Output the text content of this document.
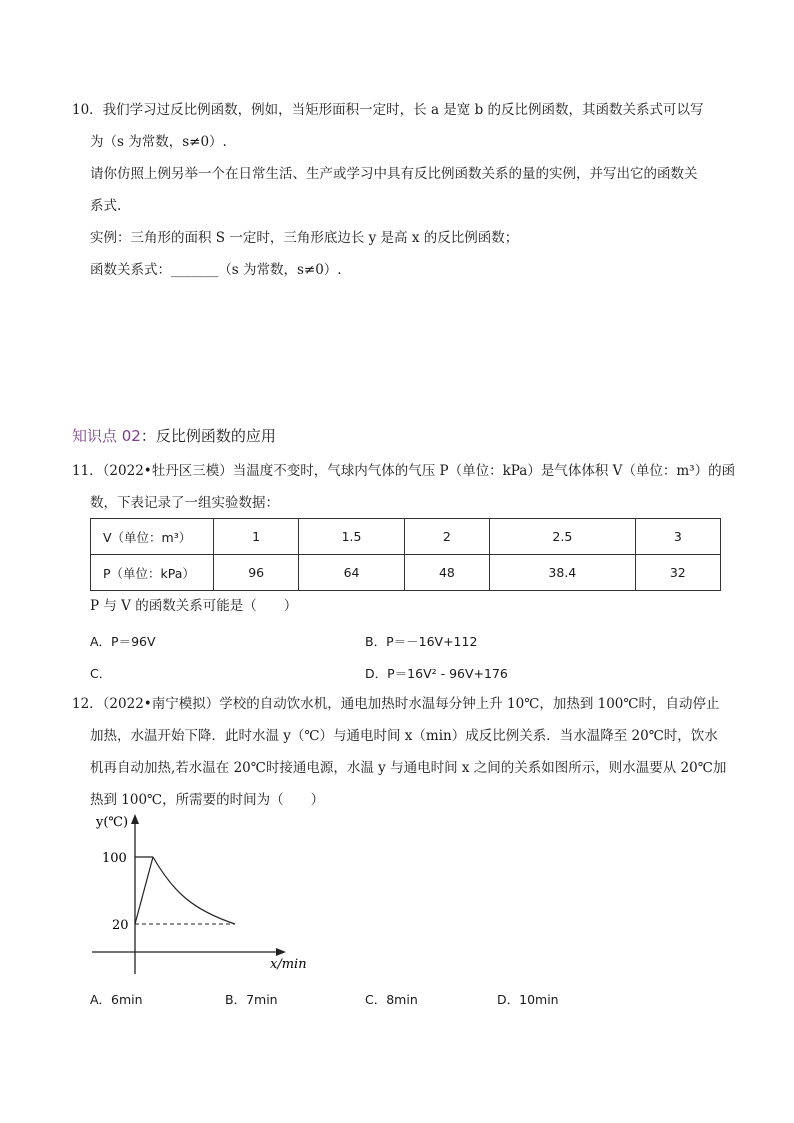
10．我们学习过反比例函数，例如，当矩形面积一定时，长 a 是宽 b 的反比例函数，其函数关系式可以写
为（s 为常数，s≠0）.
请你仿照上例另举一个在日常生活、生产或学习中具有反比例函数关系的量的实例，并写出它的函数关
系式.
实例：三角形的面积 S 一定时，三角形底边长 y 是高 x 的反比例函数；
函数关系式：_______（s 为常数，s≠0）.
知识点 02：反比例函数的应用
11．（2022•牡丹区三模）当温度不变时，气球内气体的气压 P（单位：kPa）是气体体积 V（单位：m³）的函
数，下表记录了一组实验数据：
V（单位：m³）	1	1.5	2	2.5	3
P（单位：kPa）	96	64	48	38.4	32
P 与 V 的函数关系可能是（　　）
A．P＝96V	B．P＝－16V+112
C．	D．P＝16V² - 96V+176
12．（2022•南宁模拟）学校的自动饮水机，通电加热时水温每分钟上升 10℃，加热到 100℃时，自动停止
加热，水温开始下降．此时水温 y（℃）与通电时间 x（min）成反比例关系．当水温降至 20℃时，饮水
机再自动加热,若水温在 20℃时接通电源，水温 y 与通电时间 x 之间的关系如图所示，则水温要从 20℃加
热到 100℃，所需要的时间为（　　）
y(℃)
x/min
100
20
A．6min	B．7min	C．8min	D．10min
